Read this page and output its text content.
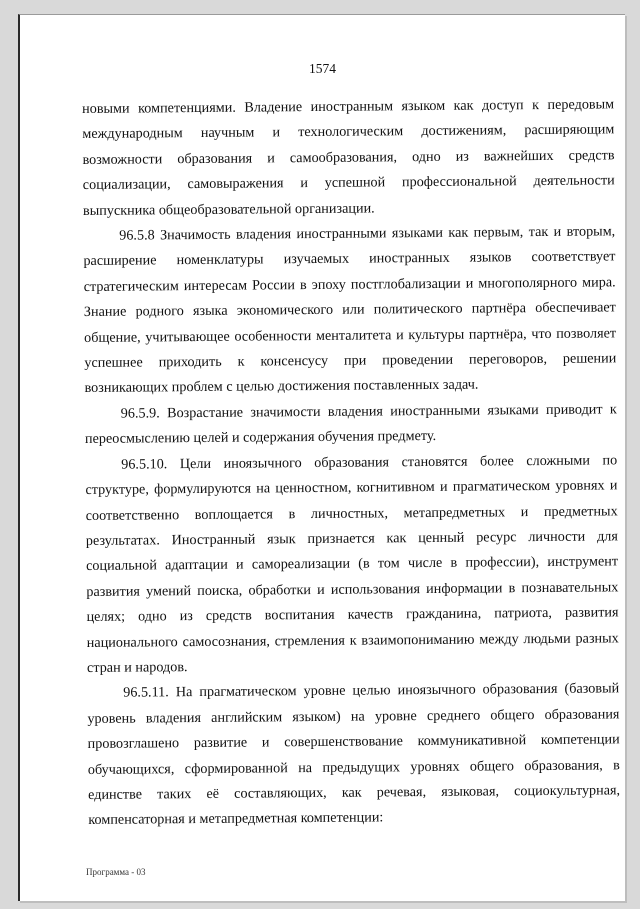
1574

новыми компетенциями. Владение иностранным языком как доступ к передовым международным научным и технологическим достижениям, расширяющим возможности образования и самообразования, одно из важнейших средств социализации, самовыражения и успешной профессиональной деятельности выпускника общеобразовательной организации.

96.5.8 Значимость владения иностранными языками как первым, так и вторым, расширение номенклатуры изучаемых иностранных языков соответствует стратегическим интересам России в эпоху постглобализации и многополярного мира. Знание родного языка экономического или политического партнёра обеспечивает общение, учитывающее особенности менталитета и культуры партнёра, что позволяет успешнее приходить к консенсусу при проведении переговоров, решении возникающих проблем с целью достижения поставленных задач.

96.5.9. Возрастание значимости владения иностранными языками приводит к переосмыслению целей и содержания обучения предмету.

96.5.10. Цели иноязычного образования становятся более сложными по структуре, формулируются на ценностном, когнитивном и прагматическом уровнях и соответственно воплощается в личностных, метапредметных и предметных результатах. Иностранный язык признается как ценный ресурс личности для социальной адаптации и самореализации (в том числе в профессии), инструмент развития умений поиска, обработки и использования информации в познавательных целях; одно из средств воспитания качеств гражданина, патриота, развития национального самосознания, стремления к взаимопониманию между людьми разных стран и народов.

96.5.11. На прагматическом уровне целью иноязычного образования (базовый уровень владения английским языком) на уровне среднего общего образования провозглашено развитие и совершенствование коммуникативной компетенции обучающихся, сформированной на предыдущих уровнях общего образования, в единстве таких её составляющих, как речевая, языковая, социокультурная, компенсаторная и метапредметная компетенции:

Программа - 03
